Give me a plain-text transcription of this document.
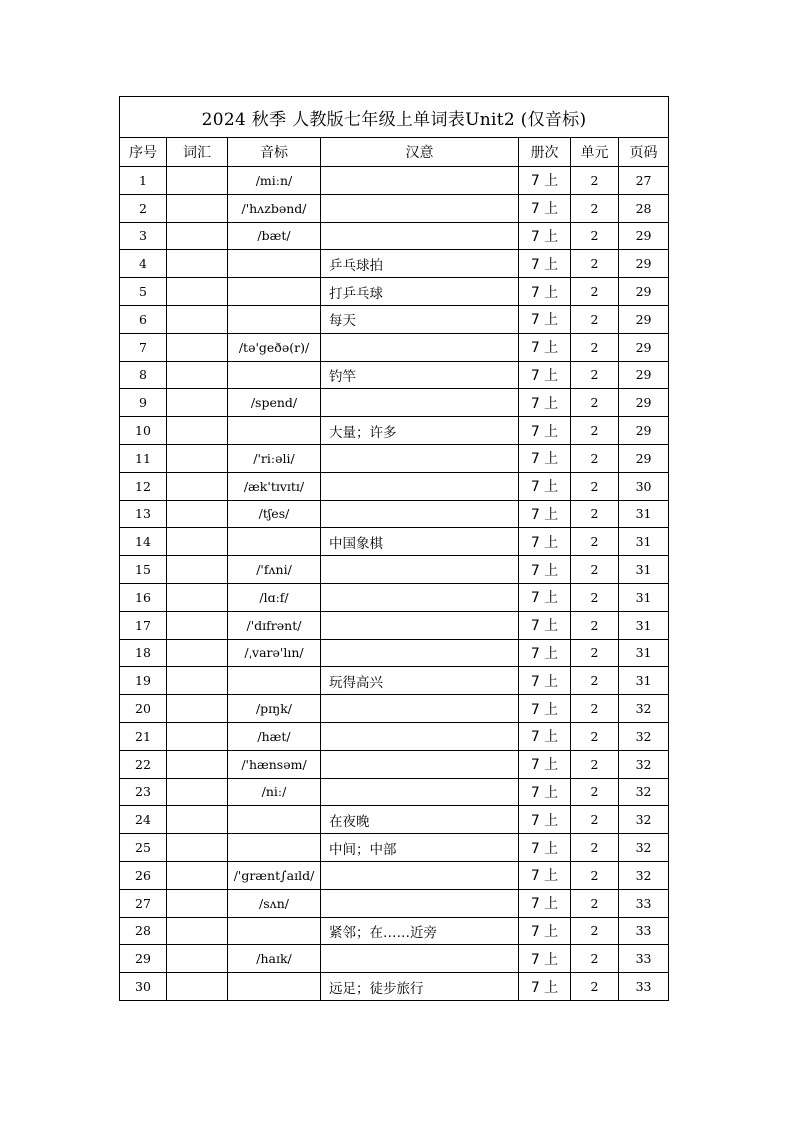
2024 秋季 人教版七年级上单词表Unit2 (仅音标)						
序号	词汇	音标	汉意	册次	单元	页码
1		/miːn/		7 上	2	27
2		/'hʌzbənd/		7 上	2	28
3		/bæt/		7 上	2	29
4			乒乓球拍	7 上	2	29
5			打乒乓球	7 上	2	29
6			每天	7 上	2	29
7		/tə'geðə(r)/		7 上	2	29
8			钓竿	7 上	2	29
9		/spend/		7 上	2	29
10			大量；许多	7 上	2	29
11		/'riːəli/		7 上	2	29
12		/æk'tɪvɪtɪ/		7 上	2	30
13		/tʃes/		7 上	2	31
14			中国象棋	7 上	2	31
15		/'fʌni/		7 上	2	31
16		/lɑːf/		7 上	2	31
17		/'dɪfrənt/		7 上	2	31
18		/ˌvarə'lın/		7 上	2	31
19			玩得高兴	7 上	2	31
20		/pɪŋk/		7 上	2	32
21		/hæt/		7 上	2	32
22		/'hænsəm/		7 上	2	32
23		/niː/		7 上	2	32
24			在夜晚	7 上	2	32
25			中间；中部	7 上	2	32
26		/'grænt∫aɪld/		7 上	2	32
27		/sʌn/		7 上	2	33
28			紧邻；在……近旁	7 上	2	33
29		/haɪk/		7 上	2	33
30			远足；徒步旅行	7 上	2	33
